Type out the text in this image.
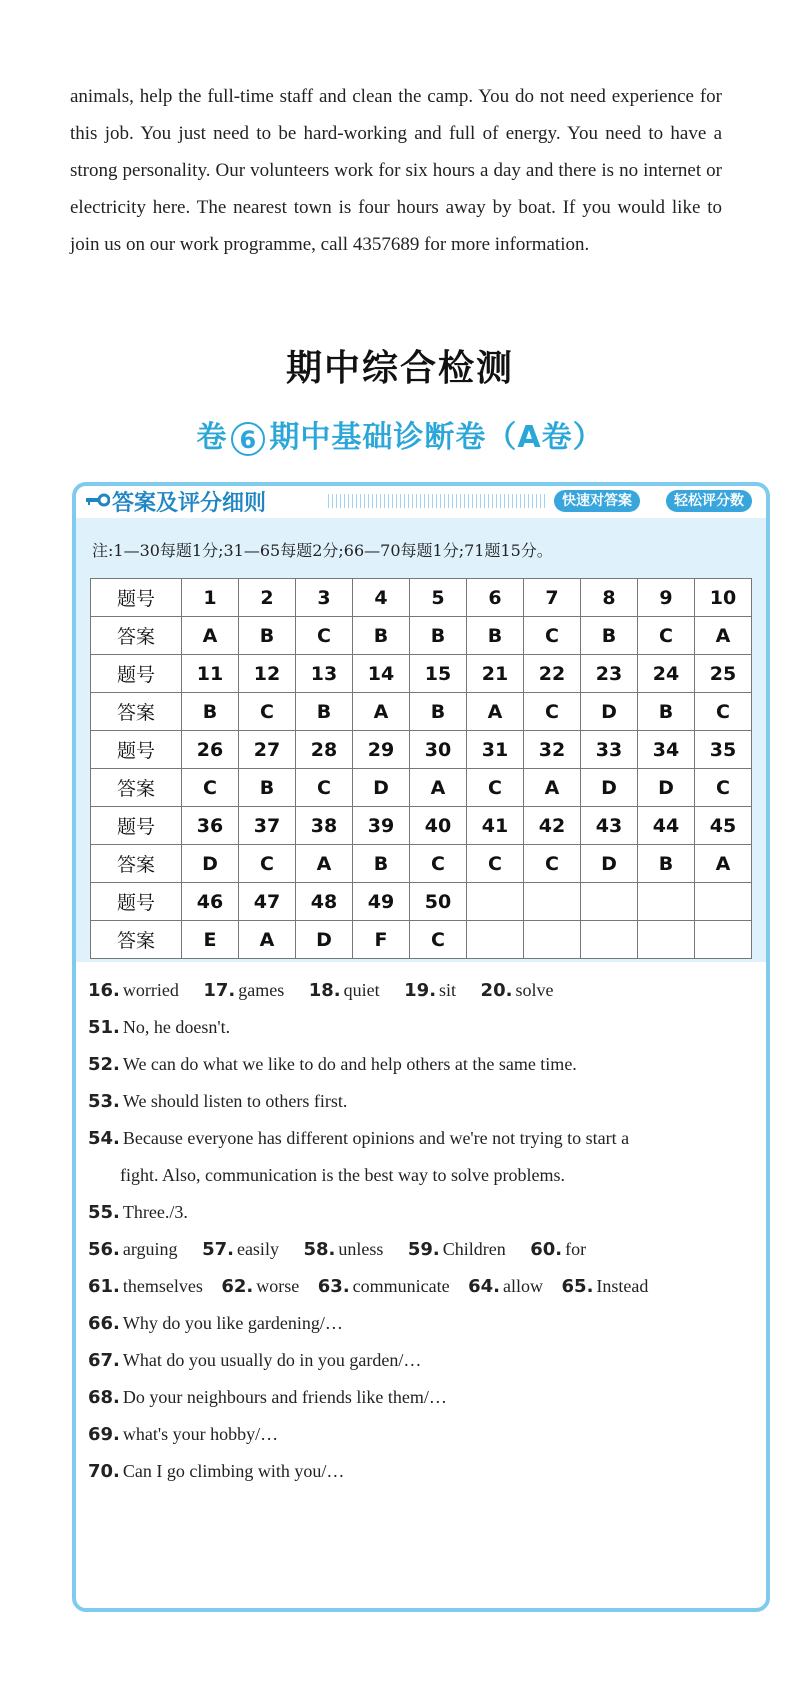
animals, help the full-time staff and clean the camp. You do not need experience for this job. You just need to be hard-working and full of energy. You need to have a strong personality. Our volunteers work for six hours a day and there is no internet or electricity here. The nearest town is four hours away by boat. If you would like to join us on our work programme, call 4357689 for more information.

期中综合检测
卷 6 期中基础诊断卷（A卷）
答案及评分细则	快速对答案	轻松评分数
注:1—30每题1分;31—65每题2分;66—70每题1分;71题15分。
题号	1	2	3	4	5	6	7	8	9	10
答案	A	B	C	B	B	B	C	B	C	A
题号	11	12	13	14	15	21	22	23	24	25
答案	B	C	B	A	B	A	C	D	B	C
题号	26	27	28	29	30	31	32	33	34	35
答案	C	B	C	D	A	C	A	D	D	C
题号	36	37	38	39	40	41	42	43	44	45
答案	D	C	A	B	C	C	C	D	B	A
题号	46	47	48	49	50					
答案	E	A	D	F	C					
16. worried 17. games 18. quiet 19. sit 20. solve
51. No, he doesn't.
52. We can do what we like to do and help others at the same time.
53. We should listen to others first.
54. Because everyone has different opinions and we're not trying to start a
fight. Also, communication is the best way to solve problems.
55. Three./3.
56. arguing 57. easily 58. unless 59. Children 60. for
61. themselves 62. worse 63. communicate 64. allow 65. Instead
66. Why do you like gardening/…
67. What do you usually do in you garden/…
68. Do your neighbours and friends like them/…
69. what's your hobby/…
70. Can I go climbing with you/…
